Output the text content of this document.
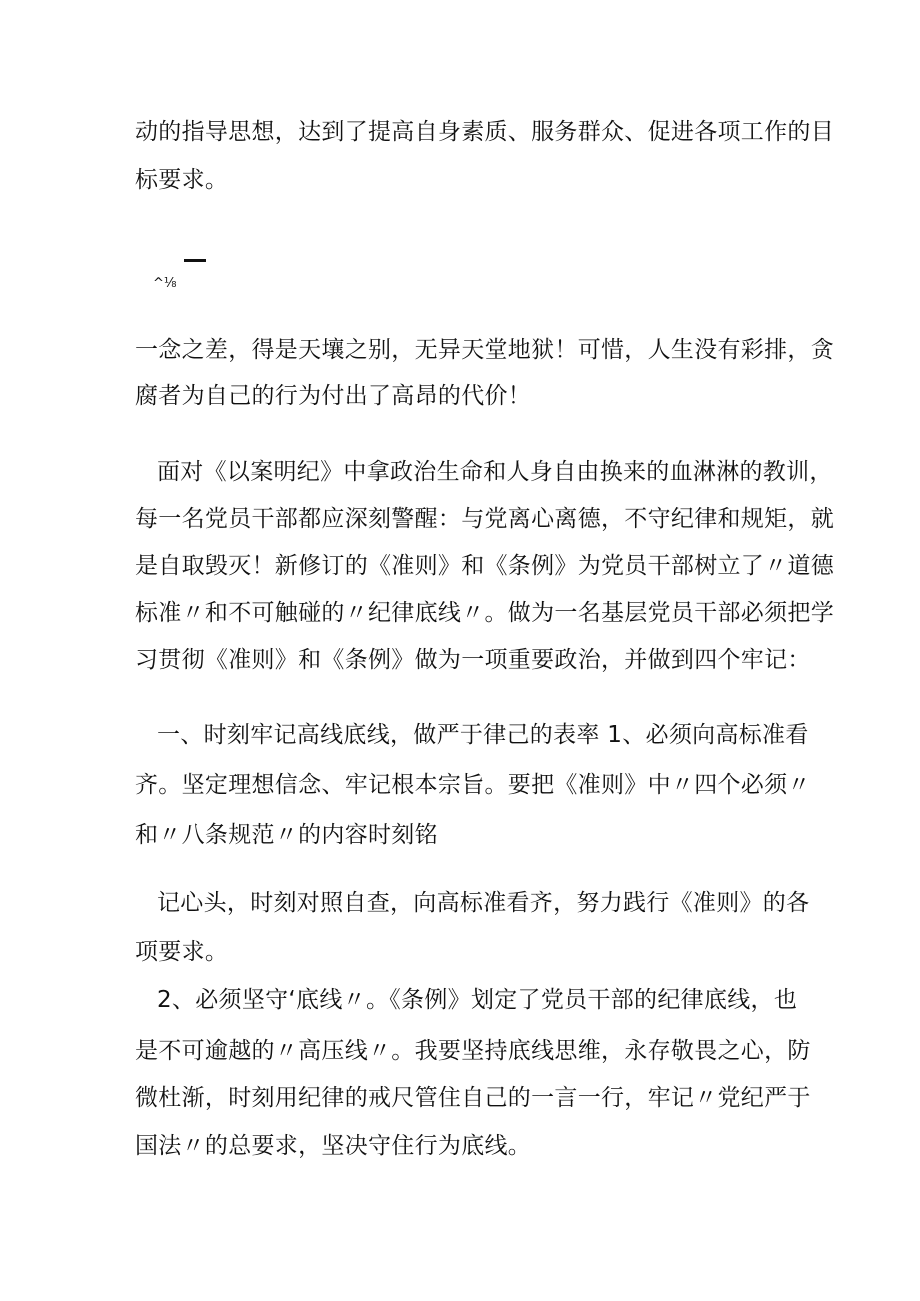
动的指导思想，达到了提高自身素质、服务群众、促进各项工作的目
标要求。
^⅛
一念之差，得是天壤之别，无异天堂地狱！可惜，人生没有彩排，贪
腐者为自己的行为付出了高昂的代价！
面对《以案明纪》中拿政治生命和人身自由换来的血淋淋的教训，
每一名党员干部都应深刻警醒：与党离心离德，不守纪律和规矩，就
是自取毁灭！新修订的《准则》和《条例》为党员干部树立了〃道德
标准〃和不可触碰的〃纪律底线〃。做为一名基层党员干部必须把学
习贯彻《准则》和《条例》做为一项重要政治，并做到四个牢记：
一、时刻牢记高线底线，做严于律己的表率 1、必须向高标准看
齐。坚定理想信念、牢记根本宗旨。要把《准则》中〃四个必须〃
和〃八条规范〃的内容时刻铭
记心头，时刻对照自查，向高标准看齐，努力践行《准则》的各
项要求。
2、必须坚守‘底线〃。《条例》划定了党员干部的纪律底线，也
是不可逾越的〃高压线〃。我要坚持底线思维，永存敬畏之心，防
微杜渐，时刻用纪律的戒尺管住自己的一言一行，牢记〃党纪严于
国法〃的总要求，坚决守住行为底线。
